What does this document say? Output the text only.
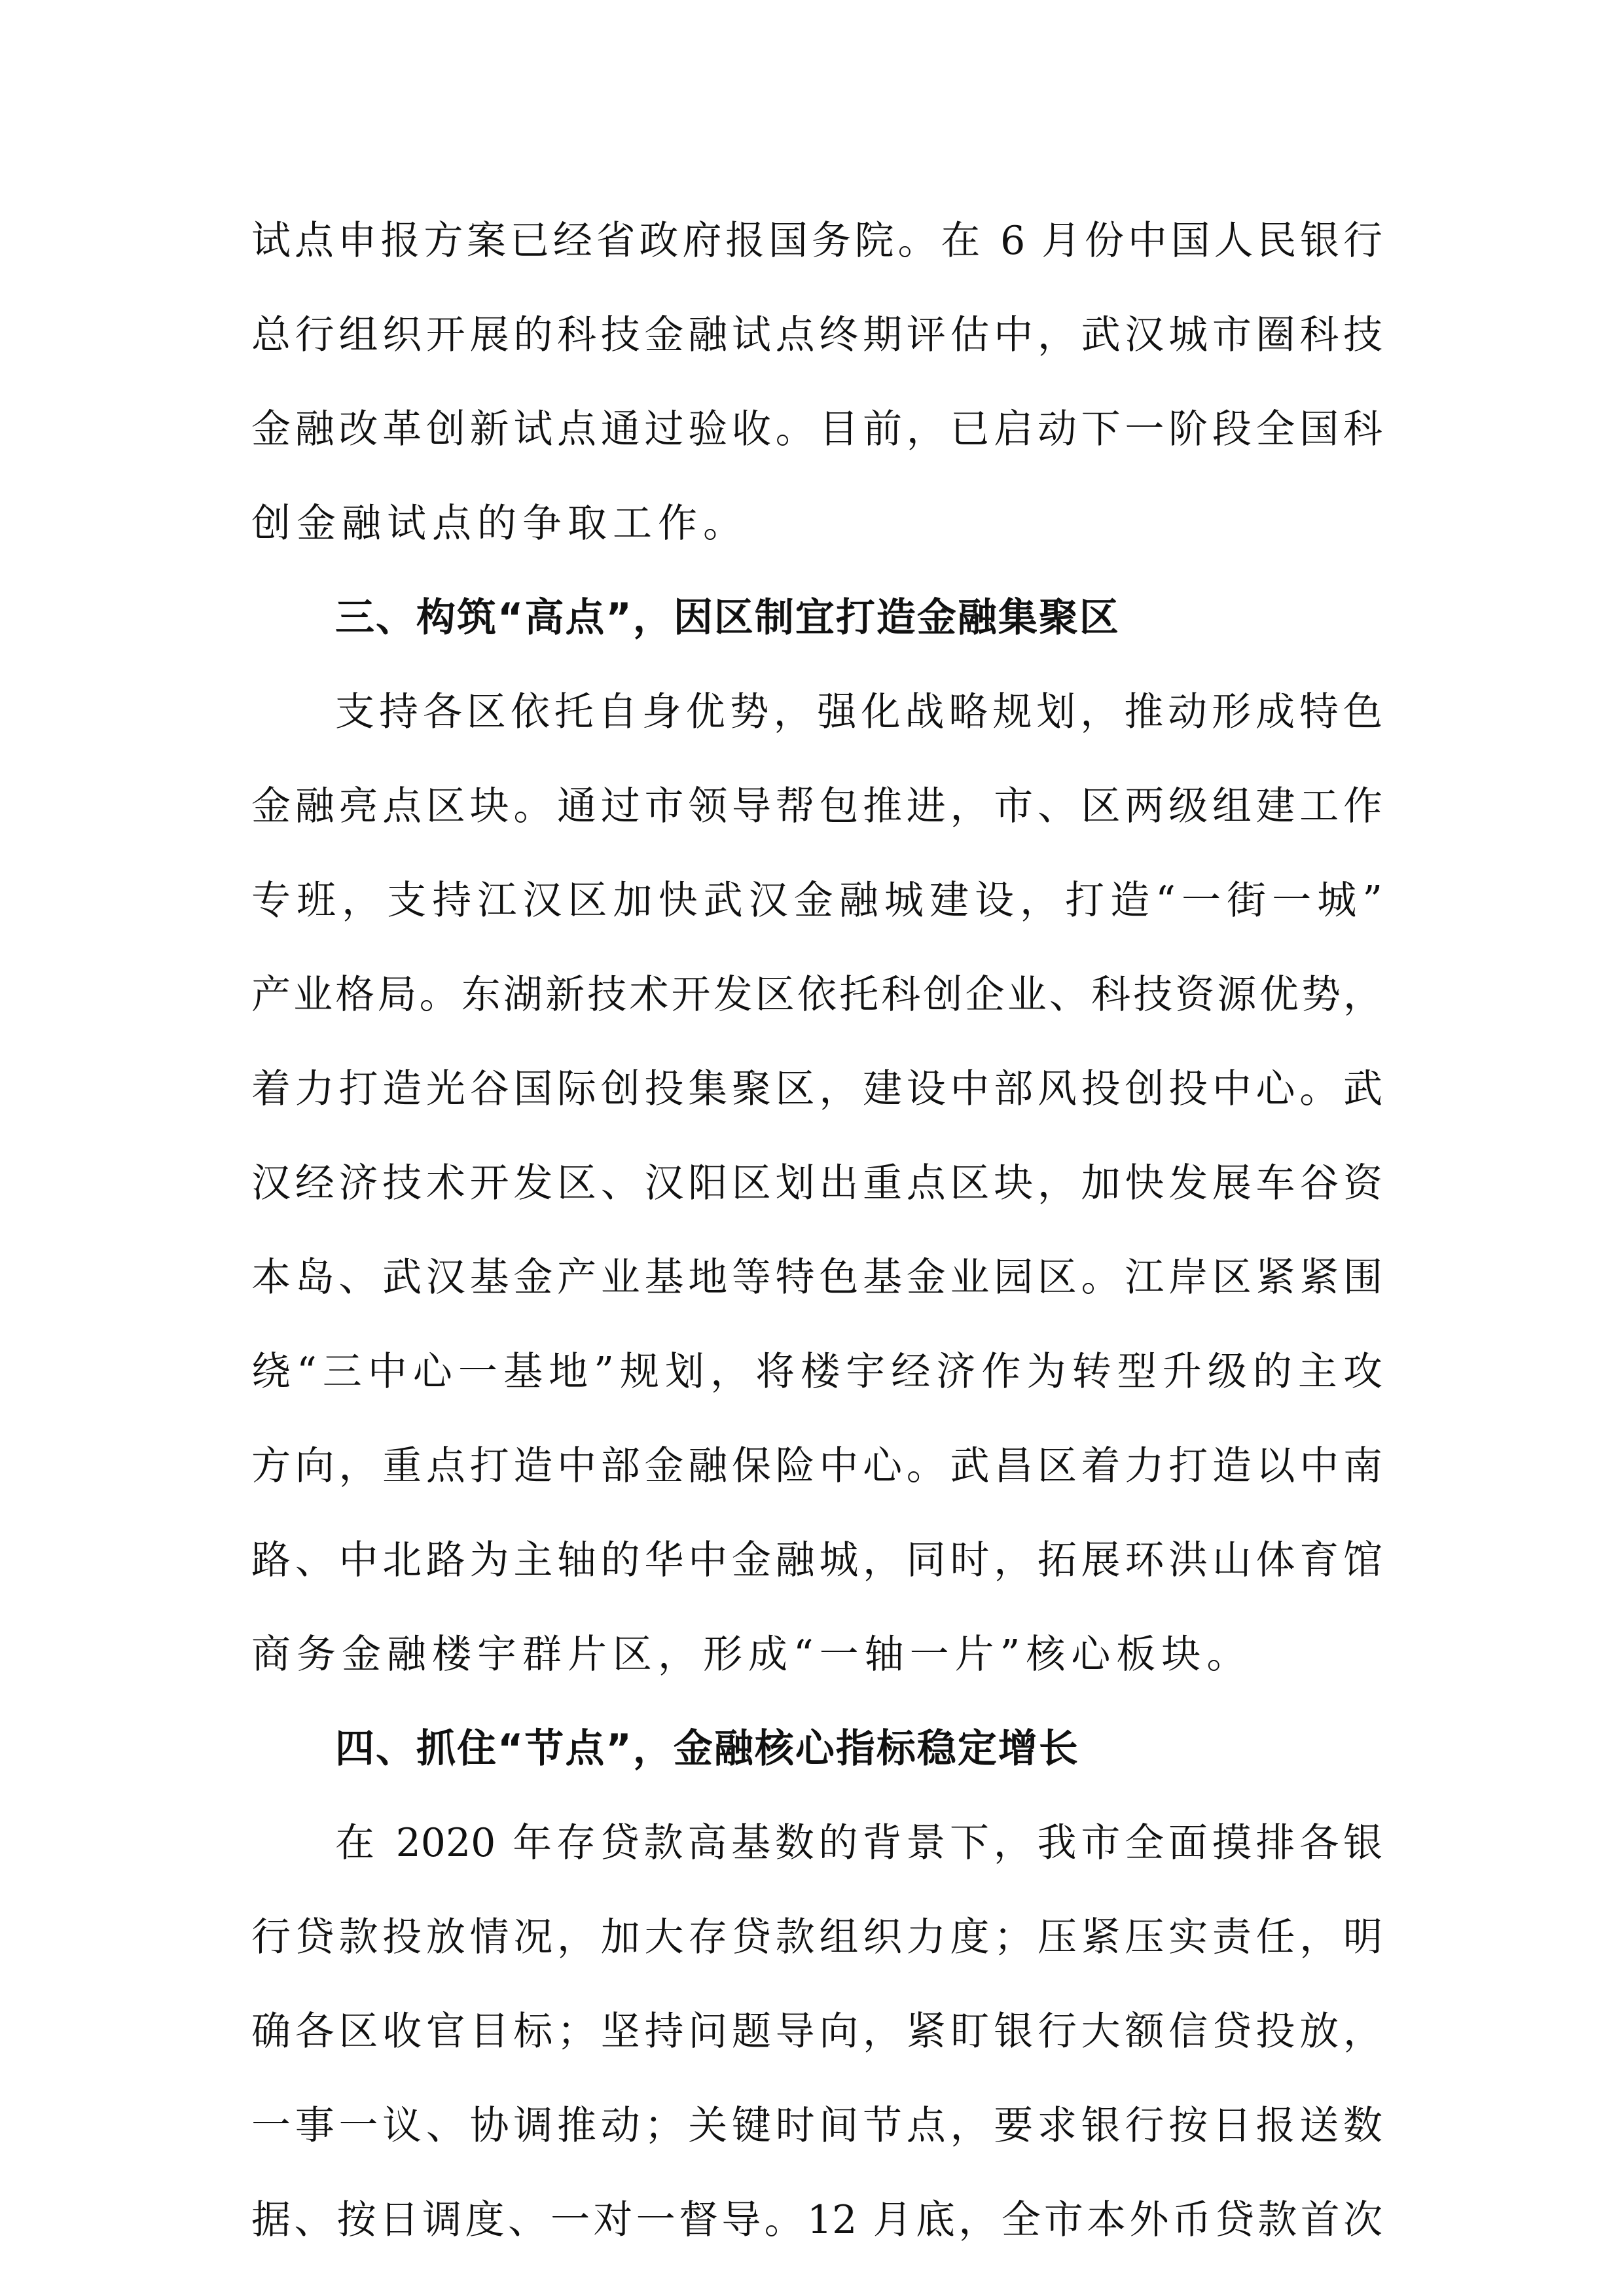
试点申报方案已经省政府报国务院。在 6 月份中国人民银行
总行组织开展的科技金融试点终期评估中，武汉城市圈科技
金融改革创新试点通过验收。目前，已启动下一阶段全国科
创金融试点的争取工作。
三、构筑“高点”，因区制宜打造金融集聚区
支持各区依托自身优势，强化战略规划，推动形成特色
金融亮点区块。通过市领导帮包推进，市、区两级组建工作
专班，支持江汉区加快武汉金融城建设，打造“一街一城”
产业格局。东湖新技术开发区依托科创企业、科技资源优势，
着力打造光谷国际创投集聚区，建设中部风投创投中心。武
汉经济技术开发区、汉阳区划出重点区块，加快发展车谷资
本岛、武汉基金产业基地等特色基金业园区。江岸区紧紧围
绕“三中心一基地”规划，将楼宇经济作为转型升级的主攻
方向，重点打造中部金融保险中心。武昌区着力打造以中南
路、中北路为主轴的华中金融城，同时，拓展环洪山体育馆
商务金融楼宇群片区，形成“一轴一片”核心板块。
四、抓住“节点”，金融核心指标稳定增长
在 2020 年存贷款高基数的背景下，我市全面摸排各银
行贷款投放情况，加大存贷款组织力度；压紧压实责任，明
确各区收官目标；坚持问题导向，紧盯银行大额信贷投放，
一事一议、协调推动；关键时间节点，要求银行按日报送数
据、按日调度、一对一督导。12 月底，全市本外币贷款首次
